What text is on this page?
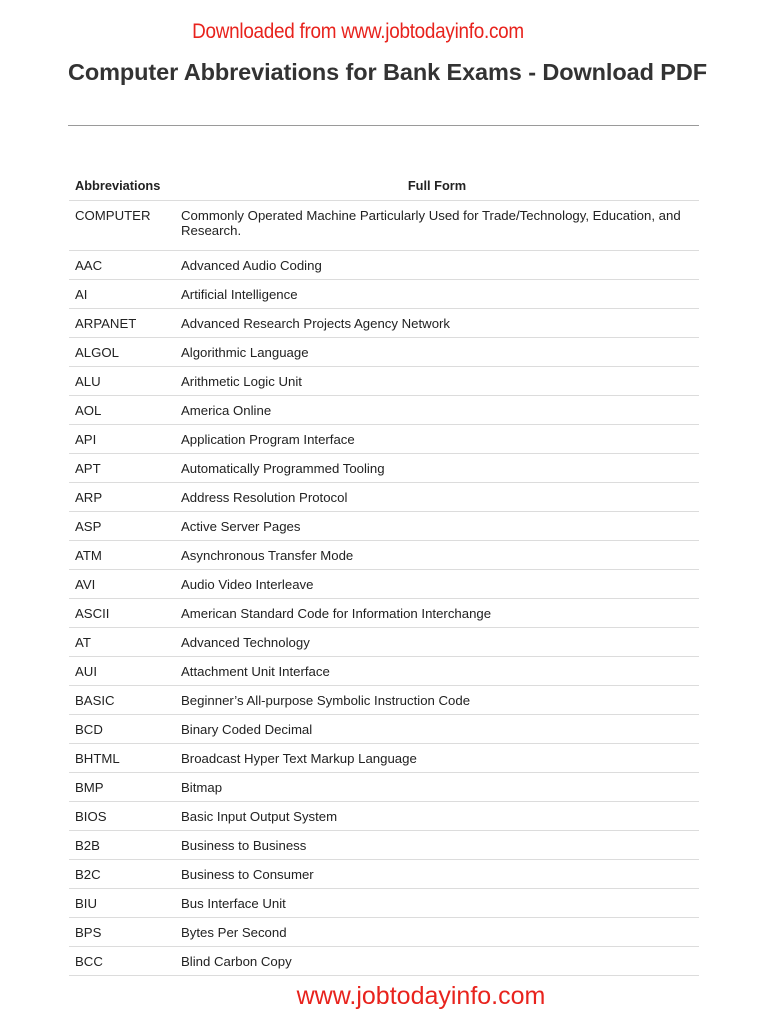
Downloaded from www.jobtodayinfo.com
Computer Abbreviations for Bank Exams - Download PDF
Abbreviations	Full Form
COMPUTER	Commonly Operated Machine Particularly Used for Trade/Technology, Education, and Research.
AAC	Advanced Audio Coding
AI	Artificial Intelligence
ARPANET	Advanced Research Projects Agency Network
ALGOL	Algorithmic Language
ALU	Arithmetic Logic Unit
AOL	America Online
API	Application Program Interface
APT	Automatically Programmed Tooling
ARP	Address Resolution Protocol
ASP	Active Server Pages
ATM	Asynchronous Transfer Mode
AVI	Audio Video Interleave
ASCII	American Standard Code for Information Interchange
AT	Advanced Technology
AUI	Attachment Unit Interface
BASIC	Beginner’s All-purpose Symbolic Instruction Code
BCD	Binary Coded Decimal
BHTML	Broadcast Hyper Text Markup Language
BMP	Bitmap
BIOS	Basic Input Output System
B2B	Business to Business
B2C	Business to Consumer
BIU	Bus Interface Unit
BPS	Bytes Per Second
BCC	Blind Carbon Copy
www.jobtodayinfo.com
